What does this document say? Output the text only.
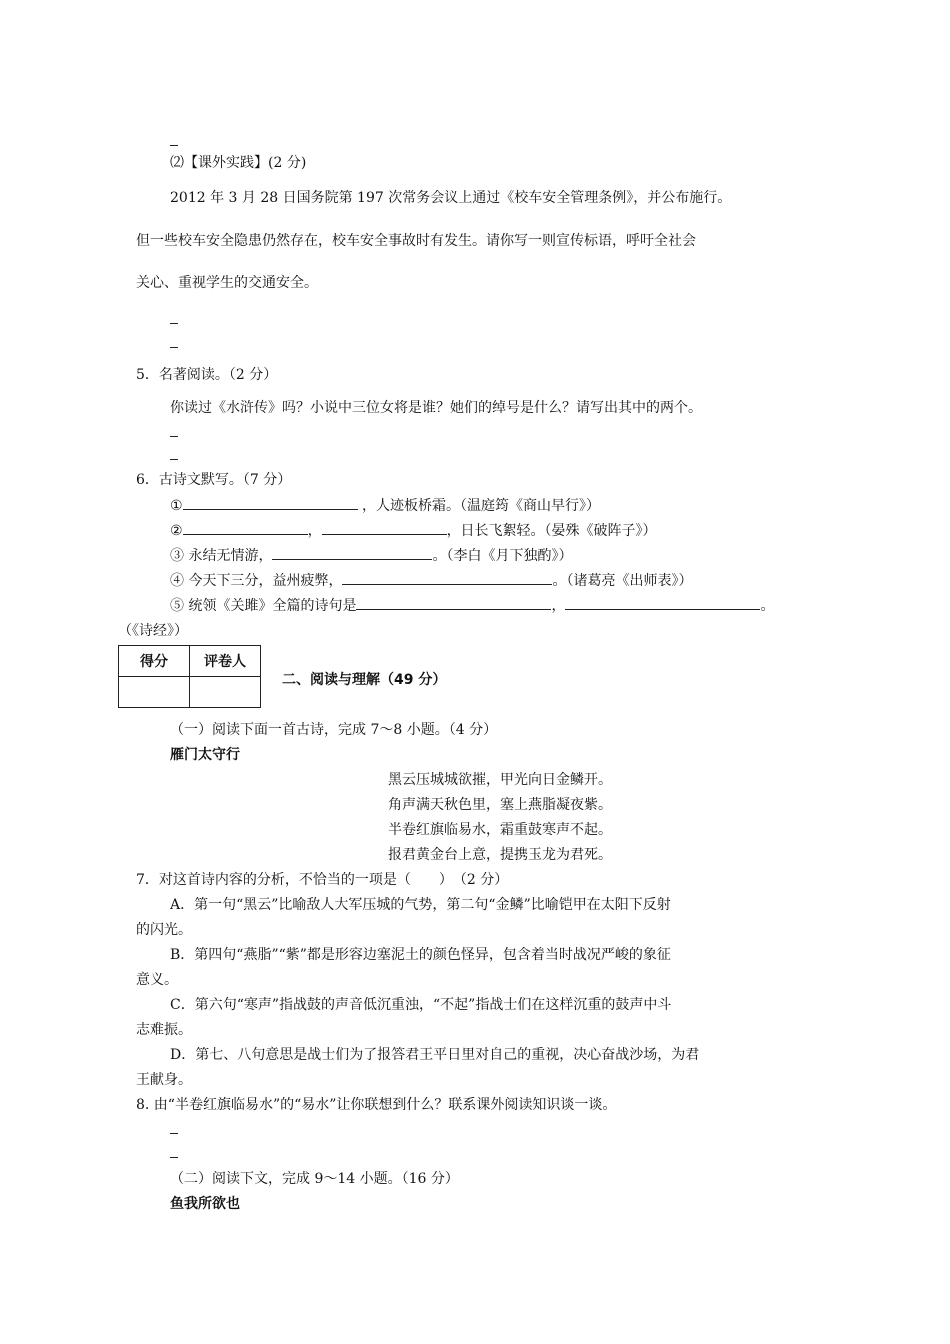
⑵【课外实践】(2 分)
2012 年 3 月 28 日国务院第 197 次常务会议上通过《校车安全管理条例》，并公布施行。
但一些校车安全隐患仍然存在，校车安全事故时有发生。请你写一则宣传标语，呼吁全社会
关心、重视学生的交通安全。
5．名著阅读。（2 分）
你读过《水浒传》吗？小说中三位女将是谁？她们的绰号是什么？请写出其中的两个。
6．古诗文默写。（7 分）
①	，人迹板桥霜。（温庭筠《商山早行》）
②	，	，日长飞絮轻。（晏殊《破阵子》）
③ 永结无情游，	。（李白《月下独酌》）
④ 今天下三分，益州疲弊，	。（诸葛亮《出师表》）
⑤ 统领《关雎》全篇的诗句是	，	。
（《诗经》）
得分	评卷人

二、阅读与理解（49 分）
（一）阅读下面一首古诗，完成 7～8 小题。（4 分）
雁门太守行
黑云压城城欲摧，甲光向日金鳞开。
角声满天秋色里，塞上燕脂凝夜紫。
半卷红旗临易水，霜重鼓寒声不起。
报君黄金台上意，提携玉龙为君死。
7．对这首诗内容的分析，不恰当的一项是（　　）　（2 分）
A．第一句“黑云”比喻敌人大军压城的气势，第二句“金鳞”比喻铠甲在太阳下反射
的闪光。
B．第四句“燕脂”“紫”都是形容边塞泥土的颜色怪异，包含着当时战况严峻的象征
意义。
C．第六句“寒声”指战鼓的声音低沉重浊，“不起”指战士们在这样沉重的鼓声中斗
志难振。
D．第七、八句意思是战士们为了报答君王平日里对自己的重视，决心奋战沙场，为君
王献身。
8. 由“半卷红旗临易水”的“易水”让你联想到什么？联系课外阅读知识谈一谈。
（二）阅读下文，完成 9～14 小题。（16 分）
鱼我所欲也
